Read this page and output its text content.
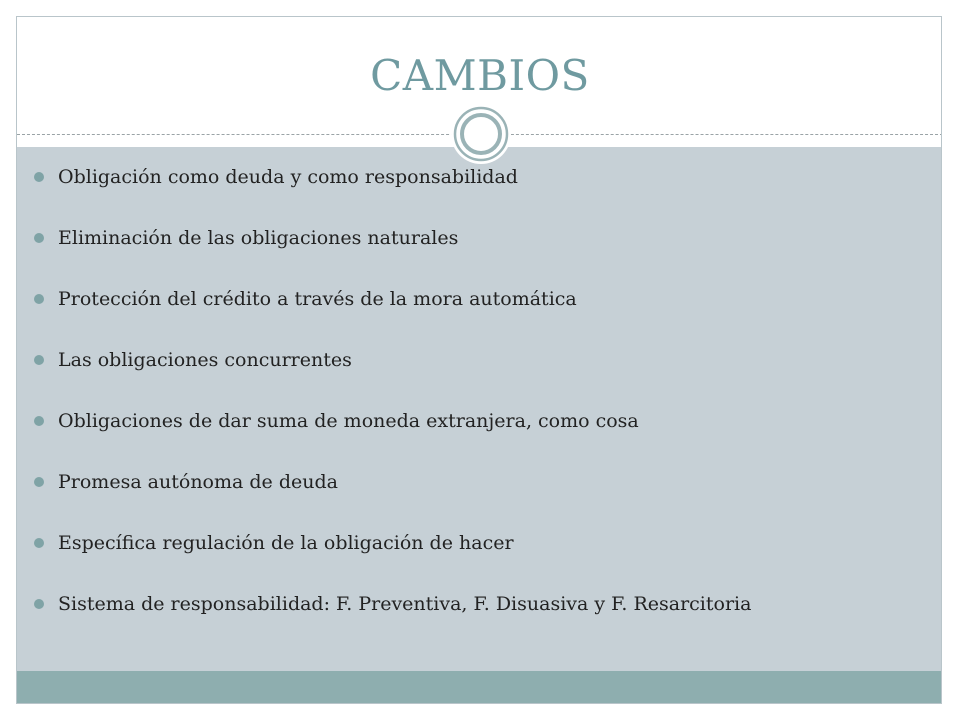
CAMBIOS
Obligación como deuda y como responsabilidad
Eliminación de las obligaciones naturales
Protección del crédito a través de la mora automática
Las obligaciones concurrentes
Obligaciones de dar suma de moneda extranjera, como cosa
Promesa autónoma de deuda
Específica regulación de la obligación de hacer
Sistema de responsabilidad: F. Preventiva, F. Disuasiva y F. Resarcitoria
